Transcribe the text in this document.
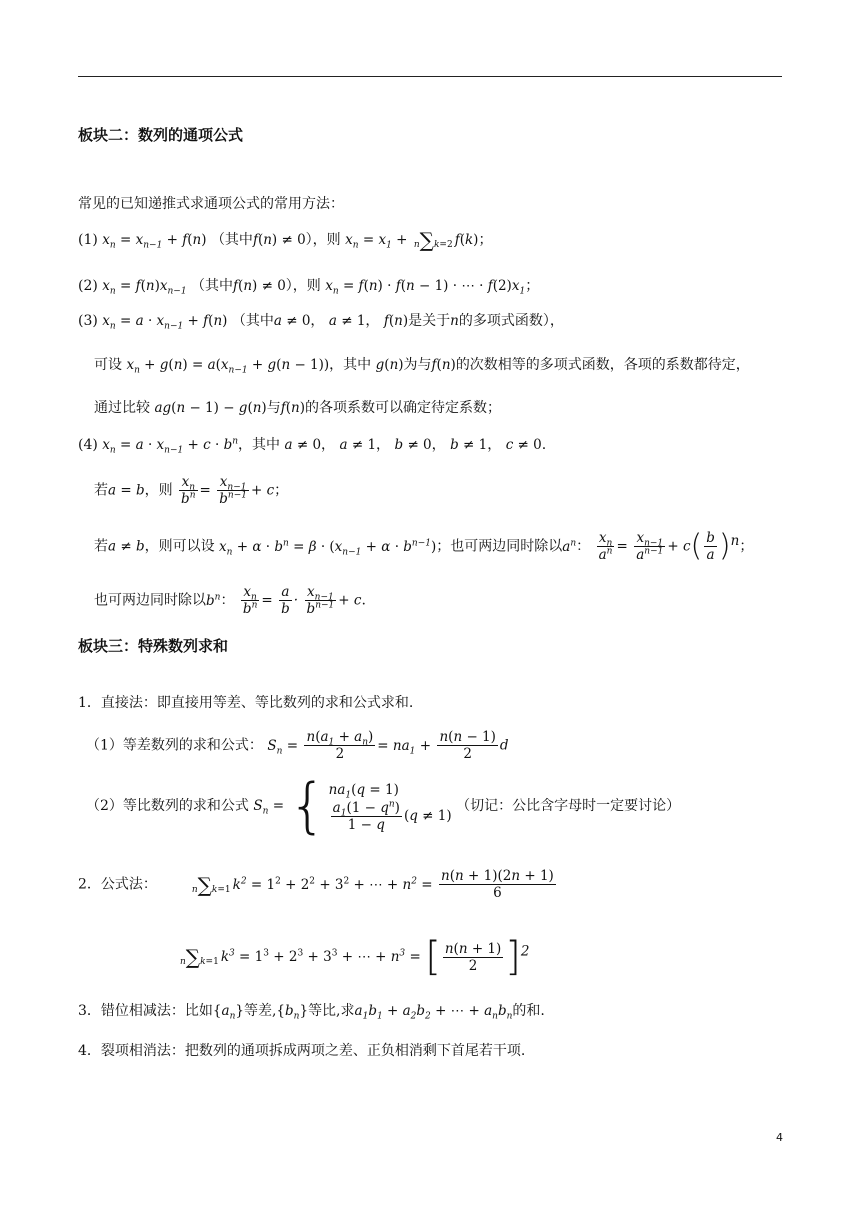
板块二：数列的通项公式
常见的已知递推式求通项公式的常用方法：
(1) $x_n = x_{n-1} + f(n)$ （其中f(n) ≠ 0），则 $x_n = x_1 + n\sum k=2$ f(k)；
(2) $x_n = f(n)x_{n-1}$ （其中f(n) ≠ 0），则 $x_n = f(n) \cdot f(n - 1)$ · ⋯ · $f(2)x_1$；
(3) $x_n = a \cdot x_{n-1} + f(n)$ （其中a ≠ 0， a ≠ 1， f(n)是关于n的多项式函数），
可设 $x_n + g(n) = a(x_{n-1} + g(n - 1))$，其中 g(n)为与f(n)的次数相等的多项式函数，各项的系数都待定，
通过比较 ag(n − 1) − g(n)与f(n)的各项系数可以确定待定系数；
(4) $x_n = a \cdot x_{n-1} + c \cdot b^n$，其中 a ≠ 0， a ≠ 1， b ≠ 0， b ≠ 1， c ≠ 0.
若a = b，则 $\frac{x_n}{b^n} = \frac{x_{n-1}}{b^{n-1}} + c$；
若a ≠ b，则可以设 $x_n + \alpha \cdot b^n = \beta \cdot (x_{n-1} + \alpha \cdot b^{n-1})$；也可两边同时除以$a^n$： $\frac{x_n}{a^n} = \frac{x_{n-1}}{a^{n-1}} + c( \frac{b}{a} )^n$；
也可两边同时除以$b^n$： $\frac{x_n}{b^n} = \frac{a}{b} \cdot \frac{x_{n-1}}{b^{n-1}} + c$.
板块三：特殊数列求和
1．直接法：即直接用等差、等比数列的求和公式求和.
（1）等差数列的求和公式： $S_n = \frac{n(a_1 + a_n)}{2} = na_1 + \frac{n(n - 1)}{2}$ d
（2）等比数列的求和公式 $S_n$ = { $na_1(q = 1)$
$\frac{a_1(1 - q^n)}{1 - q} (q \ne 1)$
（切记：公比含字母时一定要讨论）
2．公式法：	n∑k=1 $k^2 = 1^2 + 2^2 + 3^2$ + ⋯ + $n^2 = \frac{n(n + 1)(2n + 1)}{6}$
n∑k=1 $k^3 = 1^3 + 2^3 + 3^3$ + ⋯ + $n^3$ = [ $\frac{n(n + 1)}{2} ]^2$
3．错位相减法：比如$\{a_n\}$等差$,\{b_n\}$等比,求$a_1b_1 + a_2b_2$ + ⋯ + $a_nb_n$的和.
4．裂项相消法：把数列的通项拆成两项之差、正负相消剩下首尾若干项.
4
